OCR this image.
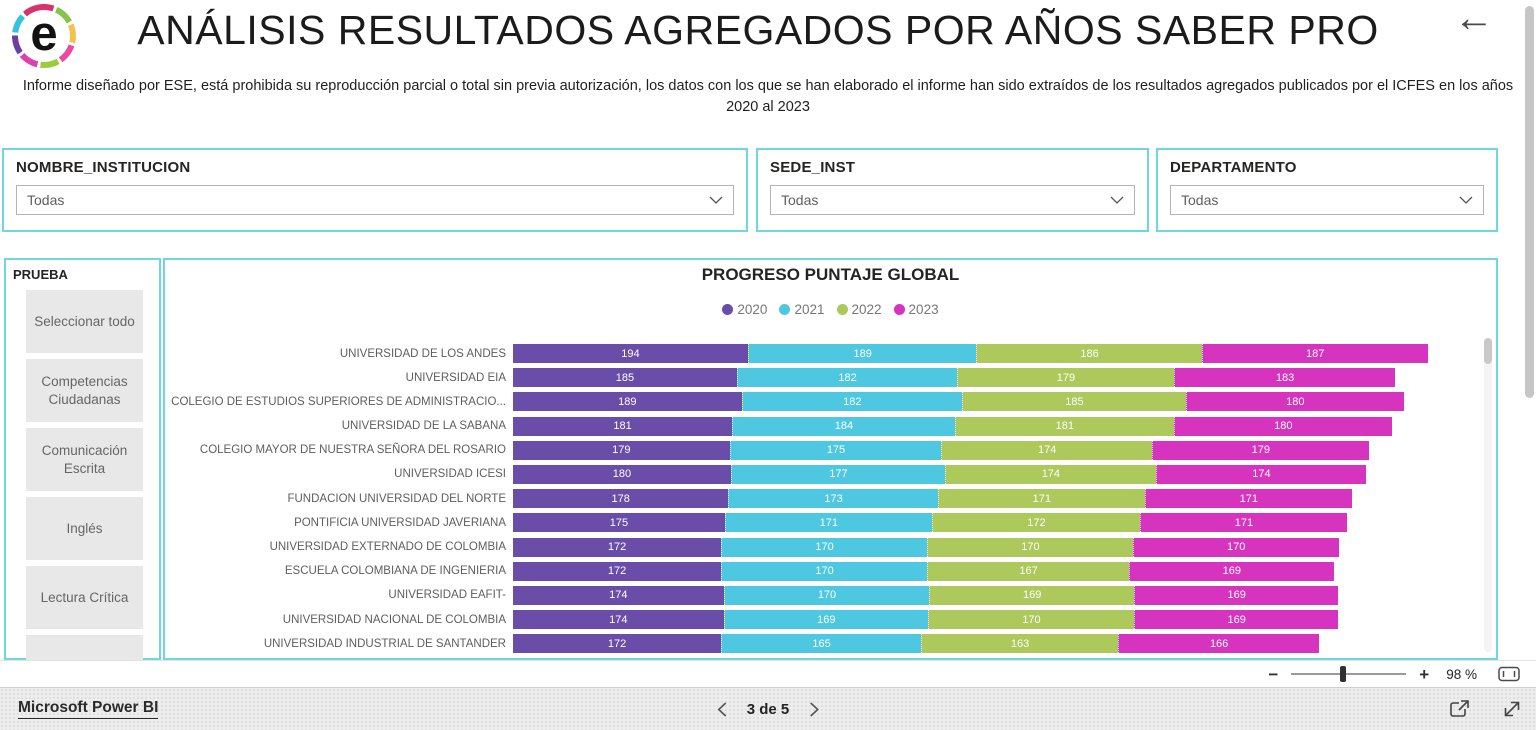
e	ANÁLISIS RESULTADOS AGREGADOS POR AÑOS SABER PRO	←
Informe diseñado por ESE, está prohibida su reproducción parcial o total sin previa autorización, los datos con los que se han elaborado el informe han sido extraídos de los resultados agregados publicados por el ICFES en los años 2020 al 2023
NOMBRE_INSTITUCION
Todas
SEDE_INST
Todas
DEPARTAMENTO
Todas
PRUEBA
Seleccionar todo
Competencias Ciudadanas
Comunicación Escrita
Inglés
Lectura Crítica
PROGRESO PUNTAJE GLOBAL
2020 2021 2022 2023
UNIVERSIDAD DE LOS ANDES	194	189	186	187
UNIVERSIDAD EIA	185	182	179	183
COLEGIO DE ESTUDIOS SUPERIORES DE ADMINISTRACIO...	189	182	185	180
UNIVERSIDAD DE LA SABANA	181	184	181	180
COLEGIO MAYOR DE NUESTRA SEÑORA DEL ROSARIO	179	175	174	179
UNIVERSIDAD ICESI	180	177	174	174
FUNDACION UNIVERSIDAD DEL NORTE	178	173	171	171
PONTIFICIA UNIVERSIDAD JAVERIANA	175	171	172	171
UNIVERSIDAD EXTERNADO DE COLOMBIA	172	170	170	170
ESCUELA COLOMBIANA DE INGENIERIA	172	170	167	169
UNIVERSIDAD EAFIT-	174	170	169	169
UNIVERSIDAD NACIONAL DE COLOMBIA	174	169	170	169
UNIVERSIDAD INDUSTRIAL DE SANTANDER	172	165	163	166
−	+ 98 %
Microsoft Power BI	3 de 5
